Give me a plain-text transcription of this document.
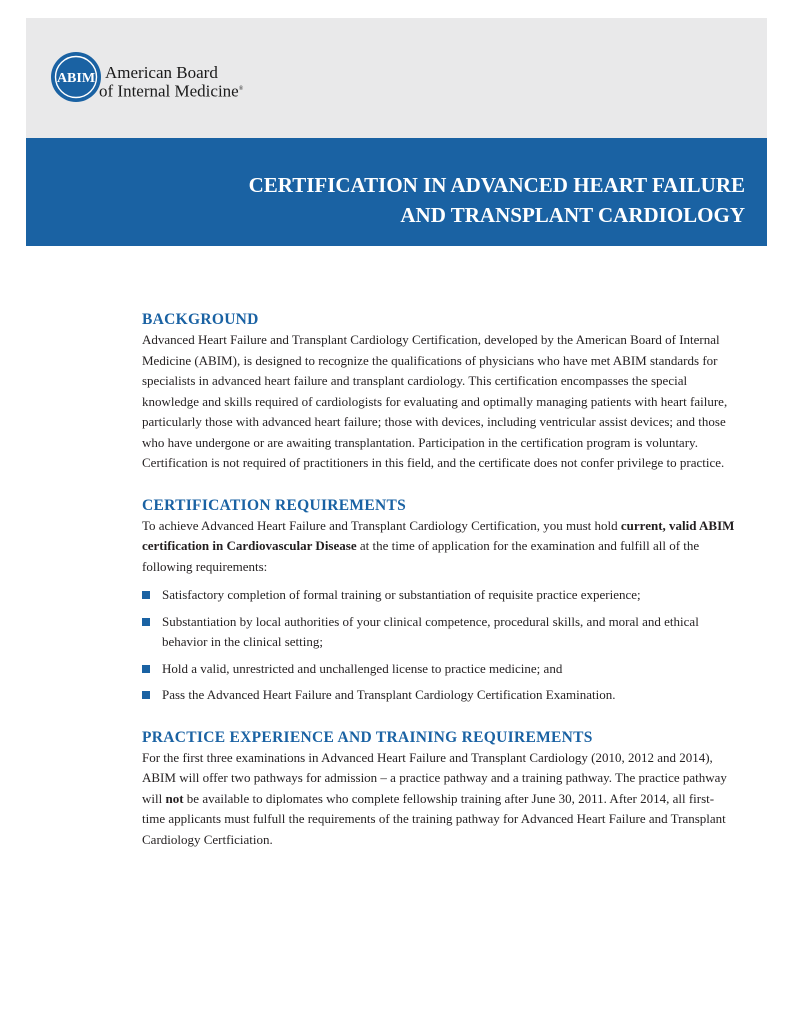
ABIM American Board
of Internal Medicine®
CERTIFICATION IN ADVANCED HEART FAILURE
AND TRANSPLANT CARDIOLOGY
BACKGROUND

Advanced Heart Failure and Transplant Cardiology Certification, developed by the American Board of Internal Medicine (ABIM), is designed to recognize the qualifications of physicians who have met ABIM standards for specialists in advanced heart failure and transplant cardiology. This certification encompasses the special knowledge and skills required of cardiologists for evaluating and optimally managing patients with heart failure, particularly those with advanced heart failure; those with devices, including ventricular assist devices; and those who have undergone or are awaiting transplantation. Participation in the certification program is voluntary. Certification is not required of practitioners in this field, and the certificate does not confer privilege to practice.

CERTIFICATION REQUIREMENTS

To achieve Advanced Heart Failure and Transplant Cardiology Certification, you must hold current, valid ABIM certification in Cardiovascular Disease at the time of application for the examination and fulfill all of the following requirements:

Satisfactory completion of formal training or substantiation of requisite practice experience;
Substantiation by local authorities of your clinical competence, procedural skills, and moral and ethical behavior in the clinical setting;
Hold a valid, unrestricted and unchallenged license to practice medicine; and
Pass the Advanced Heart Failure and Transplant Cardiology Certification Examination.
PRACTICE EXPERIENCE AND TRAINING REQUIREMENTS

For the first three examinations in Advanced Heart Failure and Transplant Cardiology (2010, 2012 and 2014), ABIM will offer two pathways for admission – a practice pathway and a training pathway. The practice pathway will not be available to diplomates who complete fellowship training after June 30, 2011. After 2014, all first-time applicants must fulfull the requirements of the training pathway for Advanced Heart Failure and Transplant Cardiology Certficiation.
